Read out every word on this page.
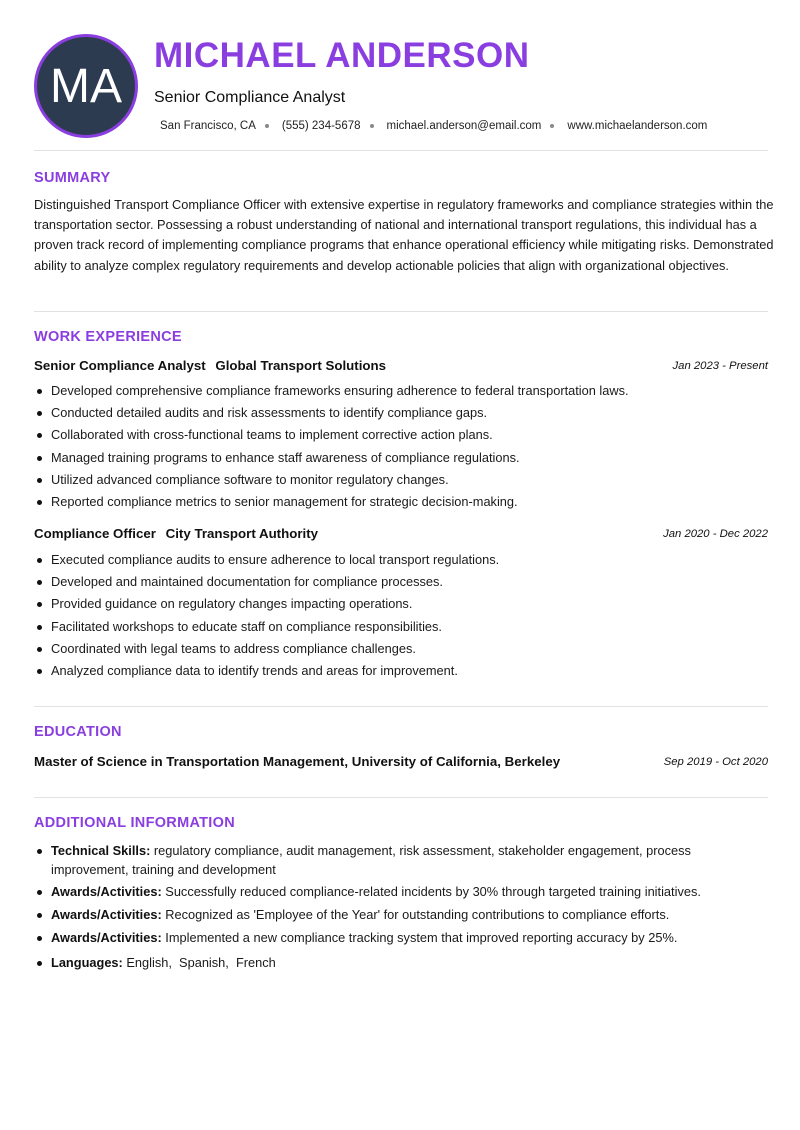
MA
MICHAEL ANDERSON
Senior Compliance Analyst
San Francisco, CA (555) 234-5678 michael.anderson@email.com www.michaelanderson.com
SUMMARY
Distinguished Transport Compliance Officer with extensive expertise in regulatory frameworks and compliance strategies within the transportation sector. Possessing a robust understanding of national and international transport regulations, this individual has a proven track record of implementing compliance programs that enhance operational efficiency while mitigating risks. Demonstrated ability to analyze complex regulatory requirements and develop actionable policies that align with organizational objectives.
WORK EXPERIENCE
Senior Compliance Analyst Global Transport Solutions	Jan 2023 - Present
Developed comprehensive compliance frameworks ensuring adherence to federal transportation laws.
Conducted detailed audits and risk assessments to identify compliance gaps.
Collaborated with cross-functional teams to implement corrective action plans.
Managed training programs to enhance staff awareness of compliance regulations.
Utilized advanced compliance software to monitor regulatory changes.
Reported compliance metrics to senior management for strategic decision-making.
Compliance Officer City Transport Authority	Jan 2020 - Dec 2022
Executed compliance audits to ensure adherence to local transport regulations.
Developed and maintained documentation for compliance processes.
Provided guidance on regulatory changes impacting operations.
Facilitated workshops to educate staff on compliance responsibilities.
Coordinated with legal teams to address compliance challenges.
Analyzed compliance data to identify trends and areas for improvement.
EDUCATION
Master of Science in Transportation Management, University of California, Berkeley	Sep 2019 - Oct 2020
ADDITIONAL INFORMATION
Technical Skills: regulatory compliance, audit management, risk assessment, stakeholder engagement, process improvement, training and development
Awards/Activities: Successfully reduced compliance-related incidents by 30% through targeted training initiatives.
Awards/Activities: Recognized as 'Employee of the Year' for outstanding contributions to compliance efforts.
Awards/Activities: Implemented a new compliance tracking system that improved reporting accuracy by 25%.
Languages: English , Spanish , French
